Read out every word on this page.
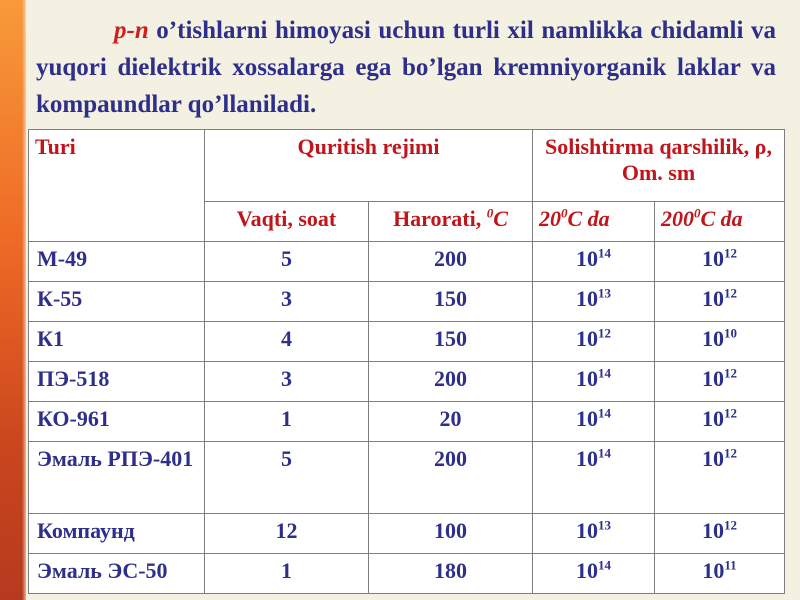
p-n o’tishlarni himoyasi uchun turli xil namlikka chidamli va yuqori dielektrik xossalarga ega bo’lgan kremniyorganik laklar va kompaundlar qo’llaniladi.
Turi	Quritish rejimi		Solishtirma qarshilik, ρ, Om. sm	
	Vaqti, soat	Harorati, $^0$C	$20^0C$ da	$200^0C$ da
М-49	5	200	$10^{14}$	$10^{12}$
К-55	3	150	$10^{13}$	$10^{12}$
К1	4	150	$10^{12}$	$10^{10}$
ПЭ-518	3	200	$10^{14}$	$10^{12}$
КО-961	1	20	$10^{14}$	$10^{12}$
Эмаль РПЭ-401	5	200	$10^{14}$	$10^{12}$
Компаунд	12	100	$10^{13}$	$10^{12}$
Эмаль ЭС-50	1	180	$10^{14}$	$10^{11}$
